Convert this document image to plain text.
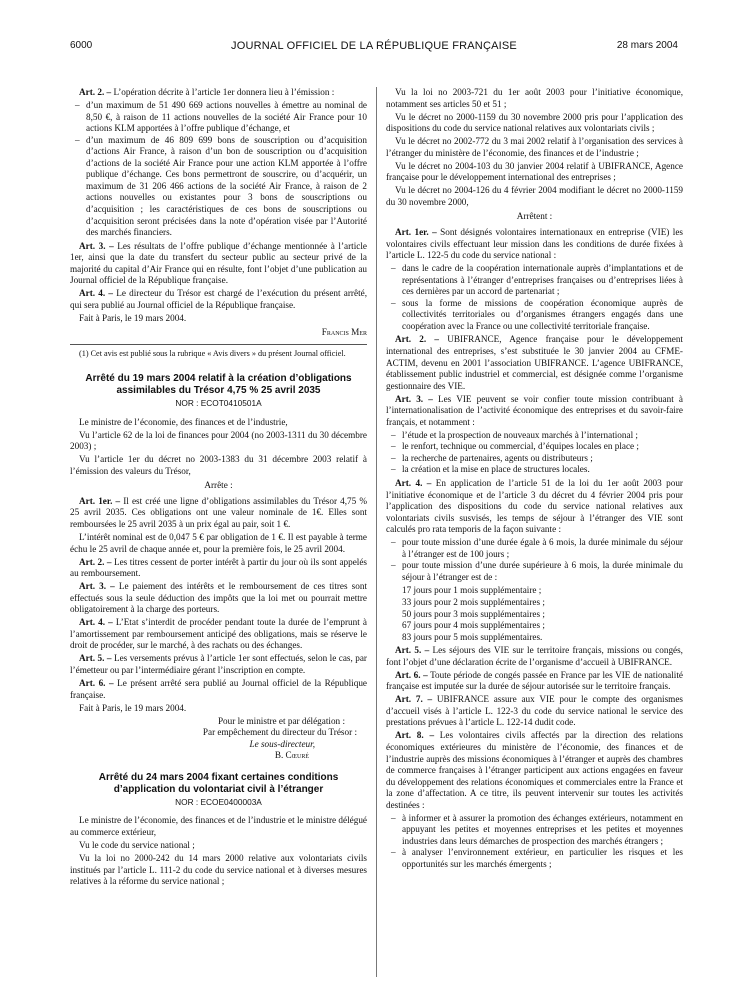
6000	JOURNAL OFFICIEL DE LA RÉPUBLIQUE FRANÇAISE	28 mars 2004

Art. 2. – L’opération décrite à l’article 1er donnera lieu à l’émission :

– d’un maximum de 51 490 669 actions nouvelles à émettre au nominal de 8,50 €, à raison de 11 actions nouvelles de la société Air France pour 10 actions KLM apportées à l’offre publique d’échange, et
– d’un maximum de 46 809 699 bons de souscription ou d’acquisition d’actions Air France, à raison d’un bon de souscription ou d’acquisition d’actions de la société Air France pour une action KLM apportée à l’offre publique d’échange. Ces bons permettront de souscrire, ou d’acquérir, un maximum de 31 206 466 actions de la société Air France, à raison de 2 actions nouvelles ou existantes pour 3 bons de souscriptions ou d’acquisition ; les caractéristiques de ces bons de souscriptions ou d’acquisition seront précisées dans la note d’opération visée par l’Autorité des marchés financiers.

Art. 3. – Les résultats de l’offre publique d’échange mentionnée à l’article 1er, ainsi que la date du transfert du secteur public au secteur privé de la majorité du capital d’Air France qui en résulte, font l’objet d’une publication au Journal officiel de la République française.

Art. 4. – Le directeur du Trésor est chargé de l’exécution du présent arrêté, qui sera publié au Journal officiel de la République française.

Fait à Paris, le 19 mars 2004.

Francis Mer

(1) Cet avis est publié sous la rubrique « Avis divers » du présent Journal officiel.

Arrêté du 19 mars 2004 relatif à la création d’obligations assimilables du Trésor 4,75 % 25 avril 2035

NOR : ECOT0410501A

Le ministre de l’économie, des finances et de l’industrie,

Vu l’article 62 de la loi de finances pour 2004 (no 2003-1311 du 30 décembre 2003) ;

Vu l’article 1er du décret no 2003-1383 du 31 décembre 2003 relatif à l’émission des valeurs du Trésor,

Arrête :

Art. 1er. – Il est créé une ligne d’obligations assimilables du Trésor 4,75 % 25 avril 2035. Ces obligations ont une valeur nominale de 1€. Elles sont remboursées le 25 avril 2035 à un prix égal au pair, soit 1 €.

L’intérêt nominal est de 0,047 5 € par obligation de 1 €. Il est payable à terme échu le 25 avril de chaque année et, pour la première fois, le 25 avril 2004.

Art. 2. – Les titres cessent de porter intérêt à partir du jour où ils sont appelés au remboursement.

Art. 3. – Le paiement des intérêts et le remboursement de ces titres sont effectués sous la seule déduction des impôts que la loi met ou pourrait mettre obligatoirement à la charge des porteurs.

Art. 4. – L’Etat s’interdit de procéder pendant toute la durée de l’emprunt à l’amortissement par remboursement anticipé des obligations, mais se réserve le droit de procéder, sur le marché, à des rachats ou des échanges.

Art. 5. – Les versements prévus à l’article 1er sont effectués, selon le cas, par l’émetteur ou par l’intermédiaire gérant l’inscription en compte.

Art. 6. – Le présent arrêté sera publié au Journal officiel de la République française.

Fait à Paris, le 19 mars 2004.

Pour le ministre et par délégation :

Par empêchement du directeur du Trésor :

Le sous-directeur,

B. Cœuré

Arrêté du 24 mars 2004 fixant certaines conditions d’application du volontariat civil à l’étranger

NOR : ECOE0400003A

Le ministre de l’économie, des finances et de l’industrie et le ministre délégué au commerce extérieur,

Vu le code du service national ;

Vu la loi no 2000-242 du 14 mars 2000 relative aux volontariats civils institués par l’article L. 111-2 du code du service national et à diverses mesures relatives à la réforme du service national ;

Vu la loi no 2003-721 du 1er août 2003 pour l’initiative économique, notamment ses articles 50 et 51 ;

Vu le décret no 2000-1159 du 30 novembre 2000 pris pour l’application des dispositions du code du service national relatives aux volontariats civils ;

Vu le décret no 2002-772 du 3 mai 2002 relatif à l’organisation des services à l’étranger du ministère de l’économie, des finances et de l’industrie ;

Vu le décret no 2004-103 du 30 janvier 2004 relatif à UBIFRANCE, Agence française pour le développement international des entreprises ;

Vu le décret no 2004-126 du 4 février 2004 modifiant le décret no 2000-1159 du 30 novembre 2000,

Arrêtent :

Art. 1er. – Sont désignés volontaires internationaux en entreprise (VIE) les volontaires civils effectuant leur mission dans les conditions de durée fixées à l’article L. 122-5 du code du service national :

– dans le cadre de la coopération internationale auprès d’implantations et de représentations à l’étranger d’entreprises françaises ou d’entreprises liées à ces dernières par un accord de partenariat ;
– sous la forme de missions de coopération économique auprès de collectivités territoriales ou d’organismes étrangers engagés dans une coopération avec la France ou une collectivité territoriale française.

Art. 2. – UBIFRANCE, Agence française pour le développement international des entreprises, s’est substituée le 30 janvier 2004 au CFME-ACTIM, devenu en 2001 l’association UBIFRANCE. L’agence UBIFRANCE, établissement public industriel et commercial, est désignée comme l’organisme gestionnaire des VIE.

Art. 3. – Les VIE peuvent se voir confier toute mission contribuant à l’internationalisation de l’activité économique des entreprises et du savoir-faire français, et notamment :

– l’étude et la prospection de nouveaux marchés à l’international ;
– le renfort, technique ou commercial, d’équipes locales en place ;
– la recherche de partenaires, agents ou distributeurs ;
– la création et la mise en place de structures locales.

Art. 4. – En application de l’article 51 de la loi du 1er août 2003 pour l’initiative économique et de l’article 3 du décret du 4 février 2004 pris pour l’application des dispositions du code du service national relatives aux volontariats civils susvisés, les temps de séjour à l’étranger des VIE sont calculés pro rata temporis de la façon suivante :

– pour toute mission d’une durée égale à 6 mois, la durée minimale du séjour à l’étranger est de 100 jours ;
– pour toute mission d’une durée supérieure à 6 mois, la durée minimale du séjour à l’étranger est de :
17 jours pour 1 mois supplémentaire ;
33 jours pour 2 mois supplémentaires ;
50 jours pour 3 mois supplémentaires ;
67 jours pour 4 mois supplémentaires ;
83 jours pour 5 mois supplémentaires.

Art. 5. – Les séjours des VIE sur le territoire français, missions ou congés, font l’objet d’une déclaration écrite de l’organisme d’accueil à UBIFRANCE.

Art. 6. – Toute période de congés passée en France par les VIE de nationalité française est imputée sur la durée de séjour autorisée sur le territoire français.

Art. 7. – UBIFRANCE assure aux VIE pour le compte des organismes d’accueil visés à l’article L. 122-3 du code du service national le service des prestations prévues à l’article L. 122-14 dudit code.

Art. 8. – Les volontaires civils affectés par la direction des relations économiques extérieures du ministère de l’économie, des finances et de l’industrie auprès des missions économiques à l’étranger et auprès des chambres de commerce françaises à l’étranger participent aux actions engagées en faveur du développement des relations économiques et commerciales entre la France et la zone d’affectation. A ce titre, ils peuvent intervenir sur toutes les activités destinées :

– à informer et à assurer la promotion des échanges extérieurs, notamment en appuyant les petites et moyennes entreprises et les petites et moyennes industries dans leurs démarches de prospection des marchés étrangers ;
– à analyser l’environnement extérieur, en particulier les risques et les opportunités sur les marchés émergents ;
